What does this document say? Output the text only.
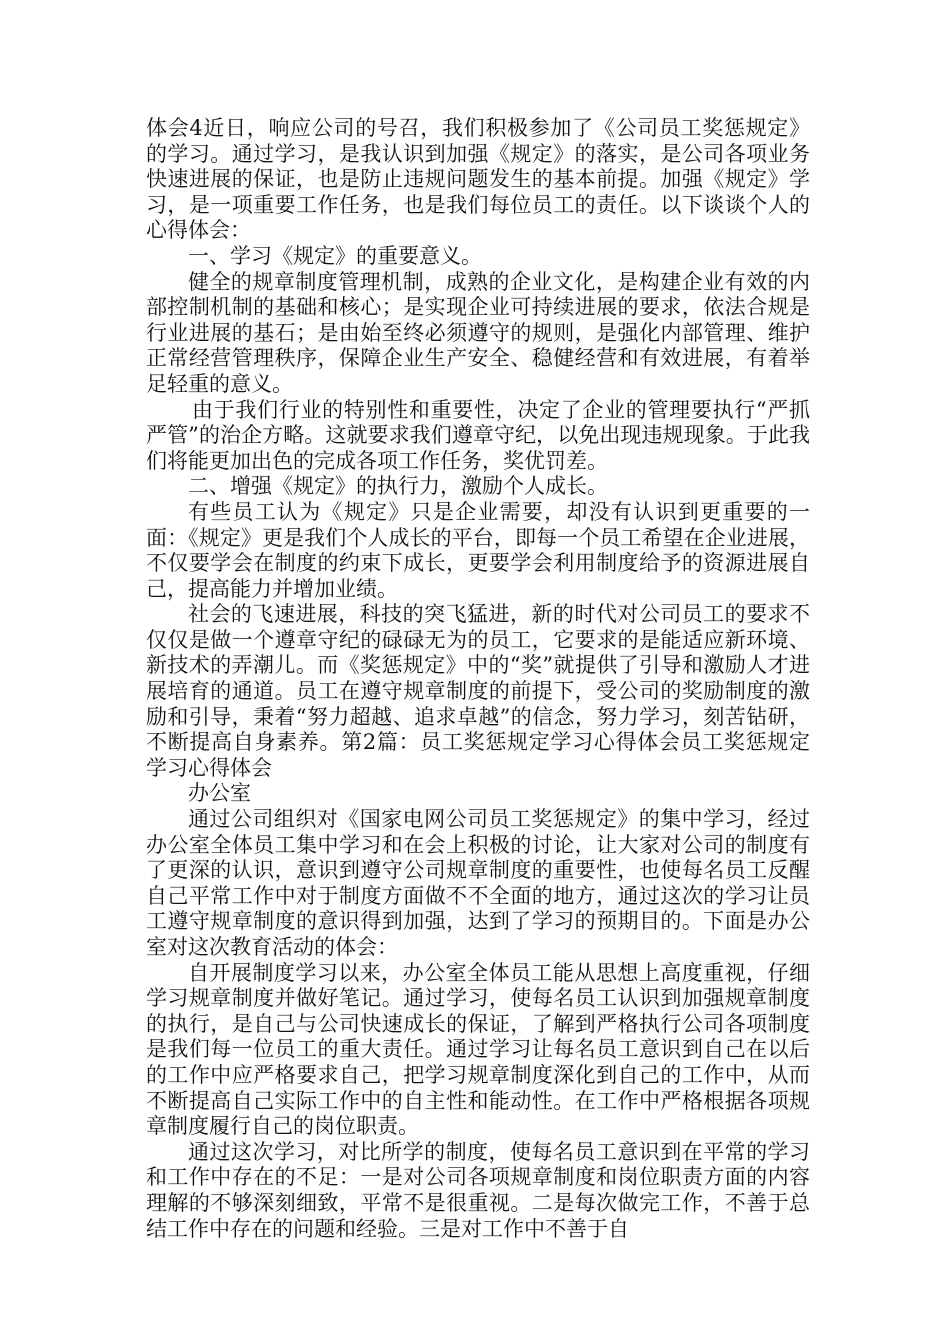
体会4近日，响应公司的号召，我们积极参加了《公司员工奖惩规定》的学习。通过学习，是我认识到加强《规定》的落实，是公司各项业务快速进展的保证，也是防止违规问题发生的基本前提。加强《规定》学习，是一项重要工作任务，也是我们每位员工的责任。以下谈谈个人的心得体会：

一、学习《规定》的重要意义。

健全的规章制度管理机制，成熟的企业文化，是构建企业有效的内部控制机制的基础和核心；是实现企业可持续进展的要求，依法合规是行业进展的基石；是由始至终必须遵守的规则，是强化内部管理、维护正常经营管理秩序，保障企业生产安全、稳健经营和有效进展，有着举足轻重的意义。

由于我们行业的特别性和重要性，决定了企业的管理要执行“严抓严管”的治企方略。这就要求我们遵章守纪，以免出现违规现象。于此我们将能更加出色的完成各项工作任务，奖优罚差。

二、增强《规定》的执行力，激励个人成长。

有些员工认为《规定》只是企业需要，却没有认识到更重要的一面：《规定》更是我们个人成长的平台，即每一个员工希望在企业进展，不仅要学会在制度的约束下成长，更要学会利用制度给予的资源进展自己，提高能力并增加业绩。

社会的飞速进展，科技的突飞猛进，新的时代对公司员工的要求不仅仅是做一个遵章守纪的碌碌无为的员工，它要求的是能适应新环境、新技术的弄潮儿。而《奖惩规定》中的“奖”就提供了引导和激励人才进展培育的通道。员工在遵守规章制度的前提下，受公司的奖励制度的激励和引导，秉着“努力超越、追求卓越”的信念，努力学习，刻苦钻研，不断提高自身素养。第2篇：员工奖惩规定学习心得体会员工奖惩规定学习心得体会

办公室

通过公司组织对《国家电网公司员工奖惩规定》的集中学习，经过办公室全体员工集中学习和在会上积极的讨论，让大家对公司的制度有了更深的认识，意识到遵守公司规章制度的重要性，也使每名员工反醒自己平常工作中对于制度方面做不不全面的地方，通过这次的学习让员工遵守规章制度的意识得到加强，达到了学习的预期目的。下面是办公室对这次教育活动的体会：

自开展制度学习以来，办公室全体员工能从思想上高度重视，仔细学习规章制度并做好笔记。通过学习，使每名员工认识到加强规章制度的执行，是自己与公司快速成长的保证，了解到严格执行公司各项制度是我们每一位员工的重大责任。通过学习让每名员工意识到自己在以后的工作中应严格要求自己，把学习规章制度深化到自己的工作中，从而不断提高自己实际工作中的自主性和能动性。在工作中严格根据各项规章制度履行自己的岗位职责。

通过这次学习，对比所学的制度，使每名员工意识到在平常的学习和工作中存在的不足：一是对公司各项规章制度和岗位职责方面的内容理解的不够深刻细致，平常不是很重视。二是每次做完工作，不善于总结工作中存在的问题和经验。三是对工作中不善于自
